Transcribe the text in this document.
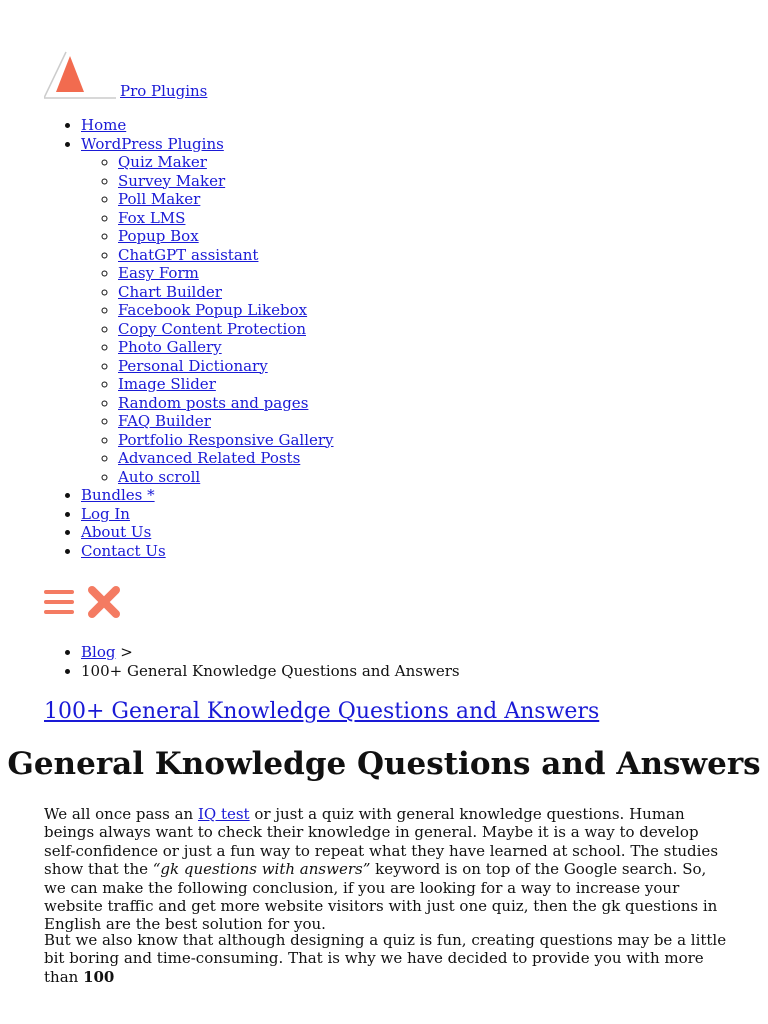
Pro Plugins
• Home
• WordPress Plugins
◦ Quiz Maker
◦ Survey Maker
◦ Poll Maker
◦ Fox LMS
◦ Popup Box
◦ ChatGPT assistant
◦ Easy Form
◦ Chart Builder
◦ Facebook Popup Likebox
◦ Copy Content Protection
◦ Photo Gallery
◦ Personal Dictionary
◦ Image Slider
◦ Random posts and pages
◦ FAQ Builder
◦ Portfolio Responsive Gallery
◦ Advanced Related Posts
◦ Auto scroll
• Bundles *
• Log In
• About Us
• Contact Us
• Blog >
• 100+ General Knowledge Questions and Answers
100+ General Knowledge Questions and Answers
General Knowledge Questions and Answers

We all once pass an IQ test or just a quiz with general knowledge questions. Human beings always want to check their knowledge in general. Maybe it is a way to develop self-confidence or just a fun way to repeat what they have learned at school. The studies show that the “gk questions with answers” keyword is on top of the Google search. So, we can make the following conclusion, if you are looking for a way to increase your website traffic and get more website visitors with just one quiz, then the gk questions in English are the best solution for you.

But we also know that although designing a quiz is fun, creating questions may be a little bit boring and time-consuming. That is why we have decided to provide you with more than 100
